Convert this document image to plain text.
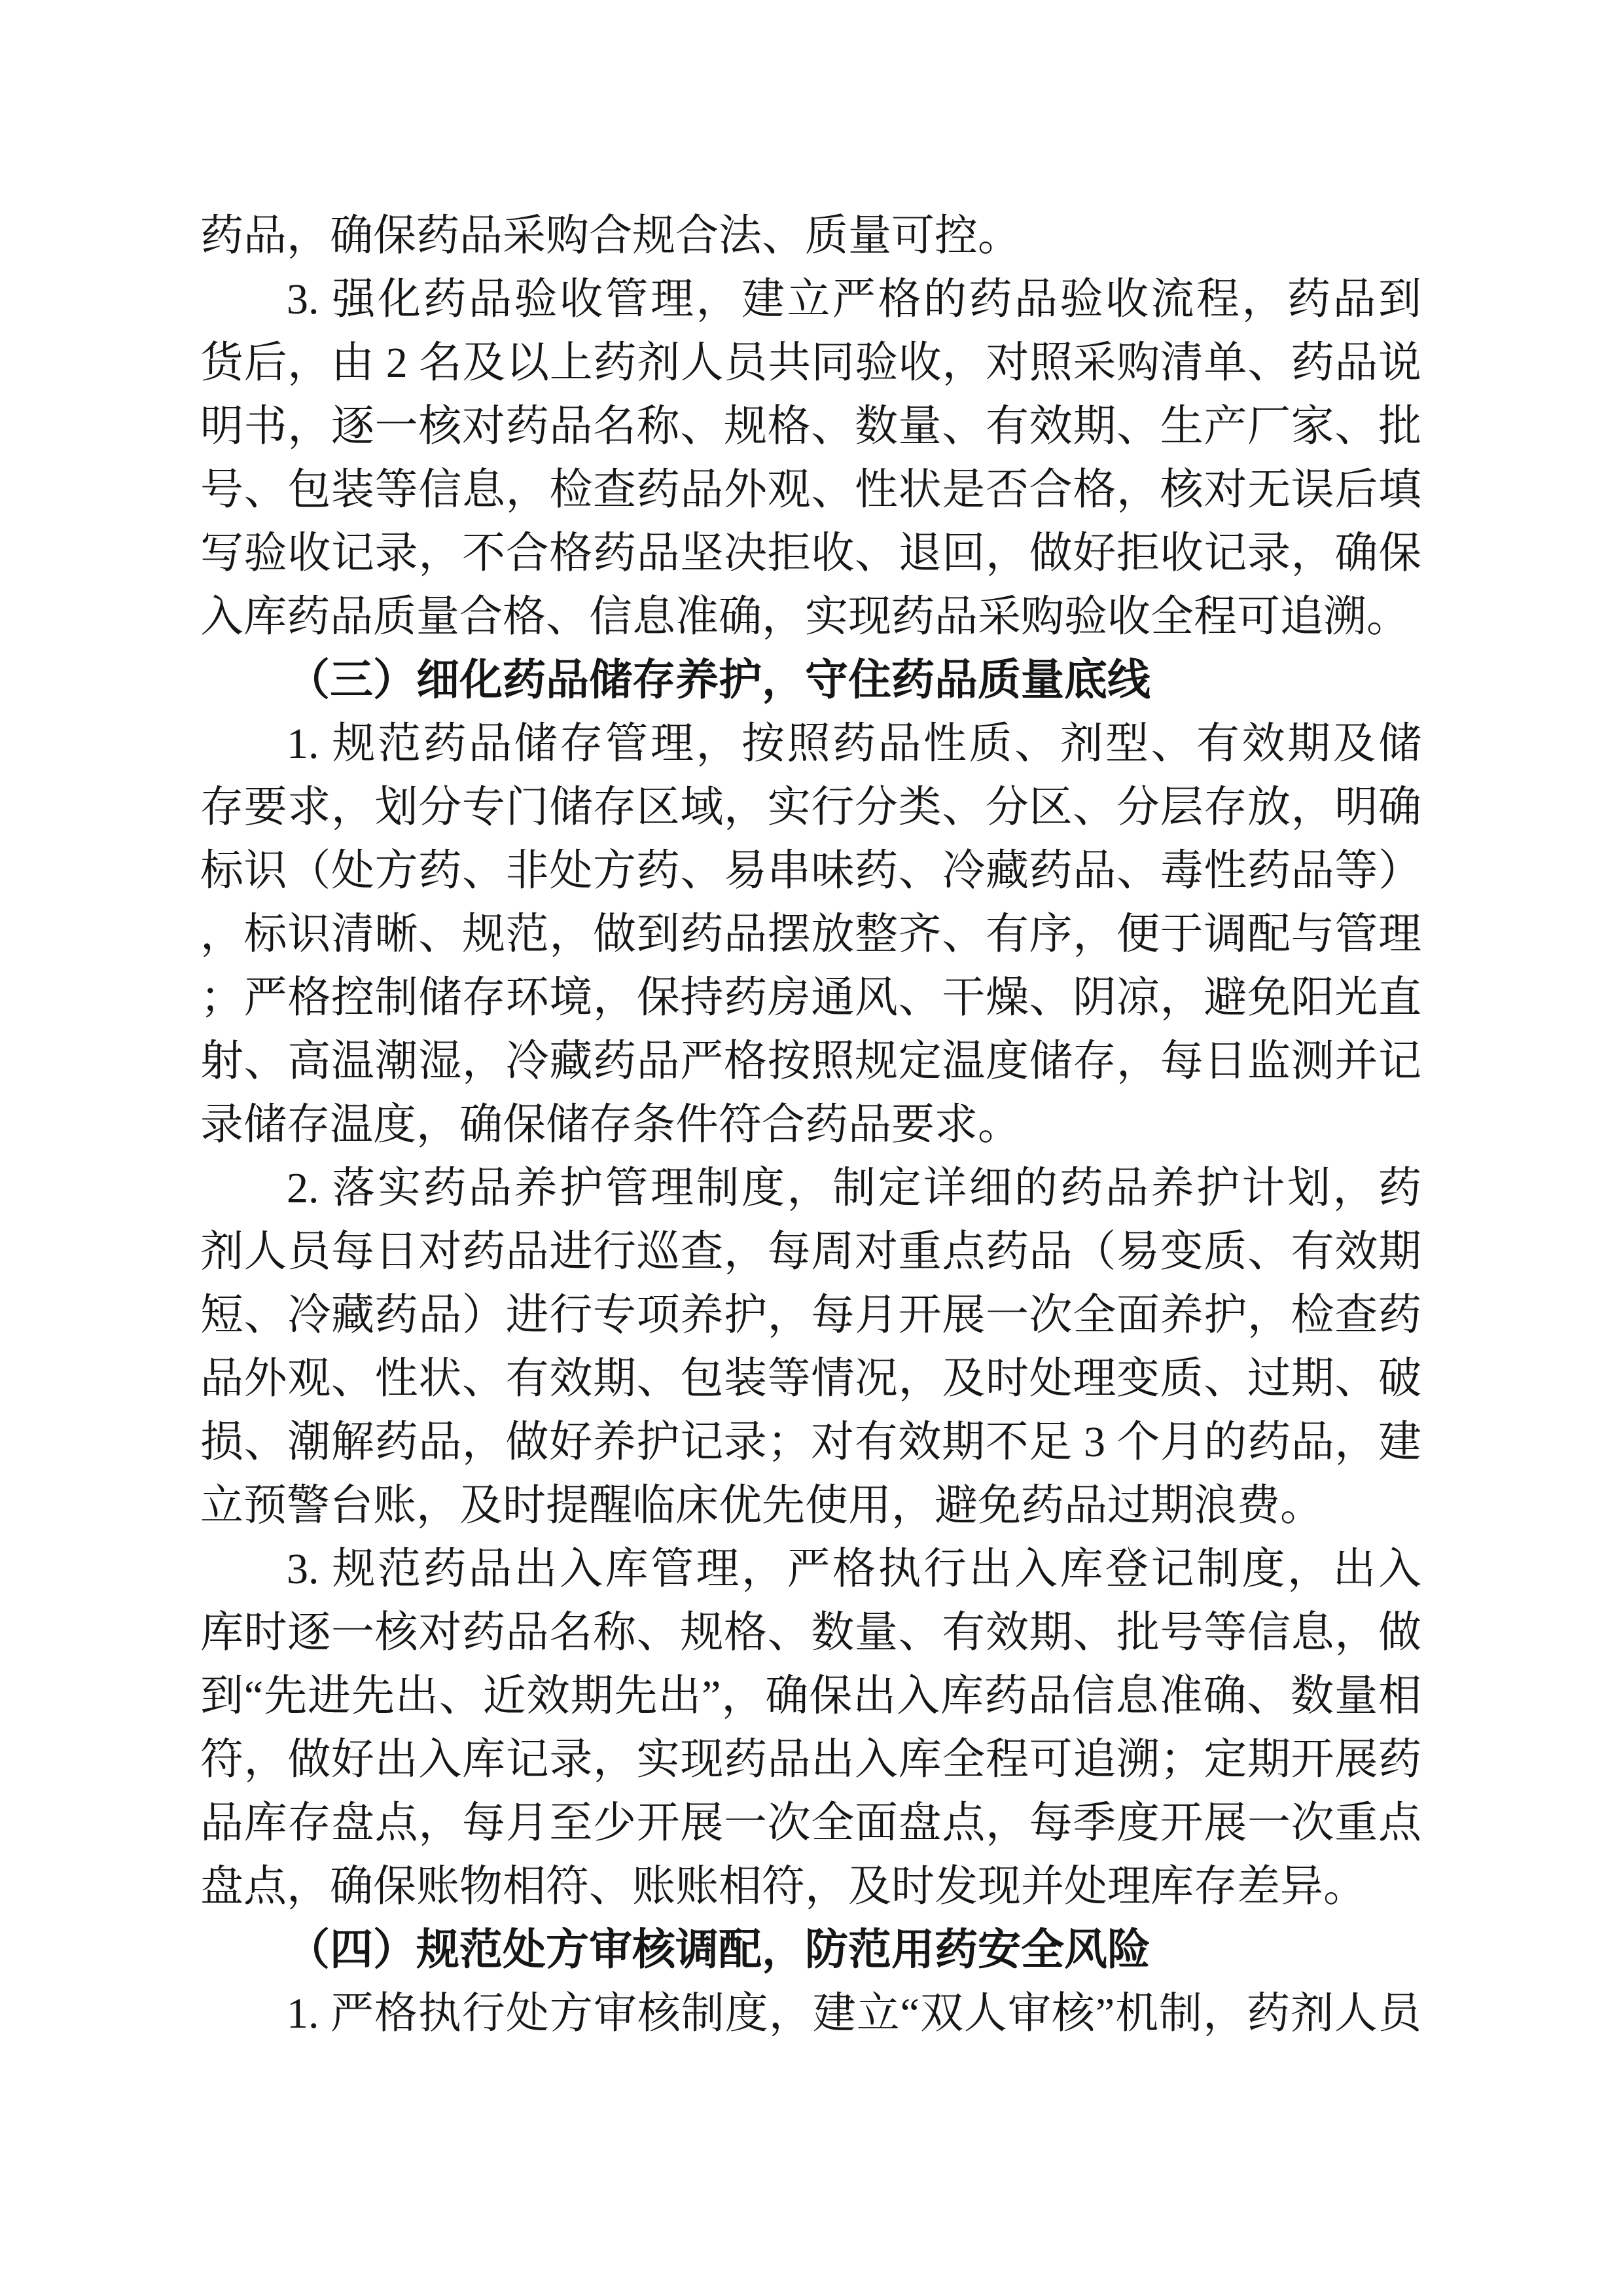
药品，确保药品采购合规合法、质量可控。
3. 强化药品验收管理，建立严格的药品验收流程，药品到
货后，由 2 名及以上药剂人员共同验收，对照采购清单、药品说
明书，逐一核对药品名称、规格、数量、有效期、生产厂家、批
号、包装等信息，检查药品外观、性状是否合格，核对无误后填
写验收记录，不合格药品坚决拒收、退回，做好拒收记录，确保
入库药品质量合格、信息准确，实现药品采购验收全程可追溯。
（三）细化药品储存养护，守住药品质量底线
1. 规范药品储存管理，按照药品性质、剂型、有效期及储
存要求，划分专门储存区域，实行分类、分区、分层存放，明确
标识（处方药、非处方药、易串味药、冷藏药品、毒性药品等）
，标识清晰、规范，做到药品摆放整齐、有序，便于调配与管理
；严格控制储存环境，保持药房通风、干燥、阴凉，避免阳光直
射、高温潮湿，冷藏药品严格按照规定温度储存，每日监测并记
录储存温度，确保储存条件符合药品要求。
2. 落实药品养护管理制度，制定详细的药品养护计划，药
剂人员每日对药品进行巡查，每周对重点药品（易变质、有效期
短、冷藏药品）进行专项养护，每月开展一次全面养护，检查药
品外观、性状、有效期、包装等情况，及时处理变质、过期、破
损、潮解药品，做好养护记录；对有效期不足 3 个月的药品，建
立预警台账，及时提醒临床优先使用，避免药品过期浪费。
3. 规范药品出入库管理，严格执行出入库登记制度，出入
库时逐一核对药品名称、规格、数量、有效期、批号等信息，做
到“先进先出、近效期先出”，确保出入库药品信息准确、数量相
符，做好出入库记录，实现药品出入库全程可追溯；定期开展药
品库存盘点，每月至少开展一次全面盘点，每季度开展一次重点
盘点，确保账物相符、账账相符，及时发现并处理库存差异。
（四）规范处方审核调配，防范用药安全风险
1. 严格执行处方审核制度，建立“双人审核”机制，药剂人员
